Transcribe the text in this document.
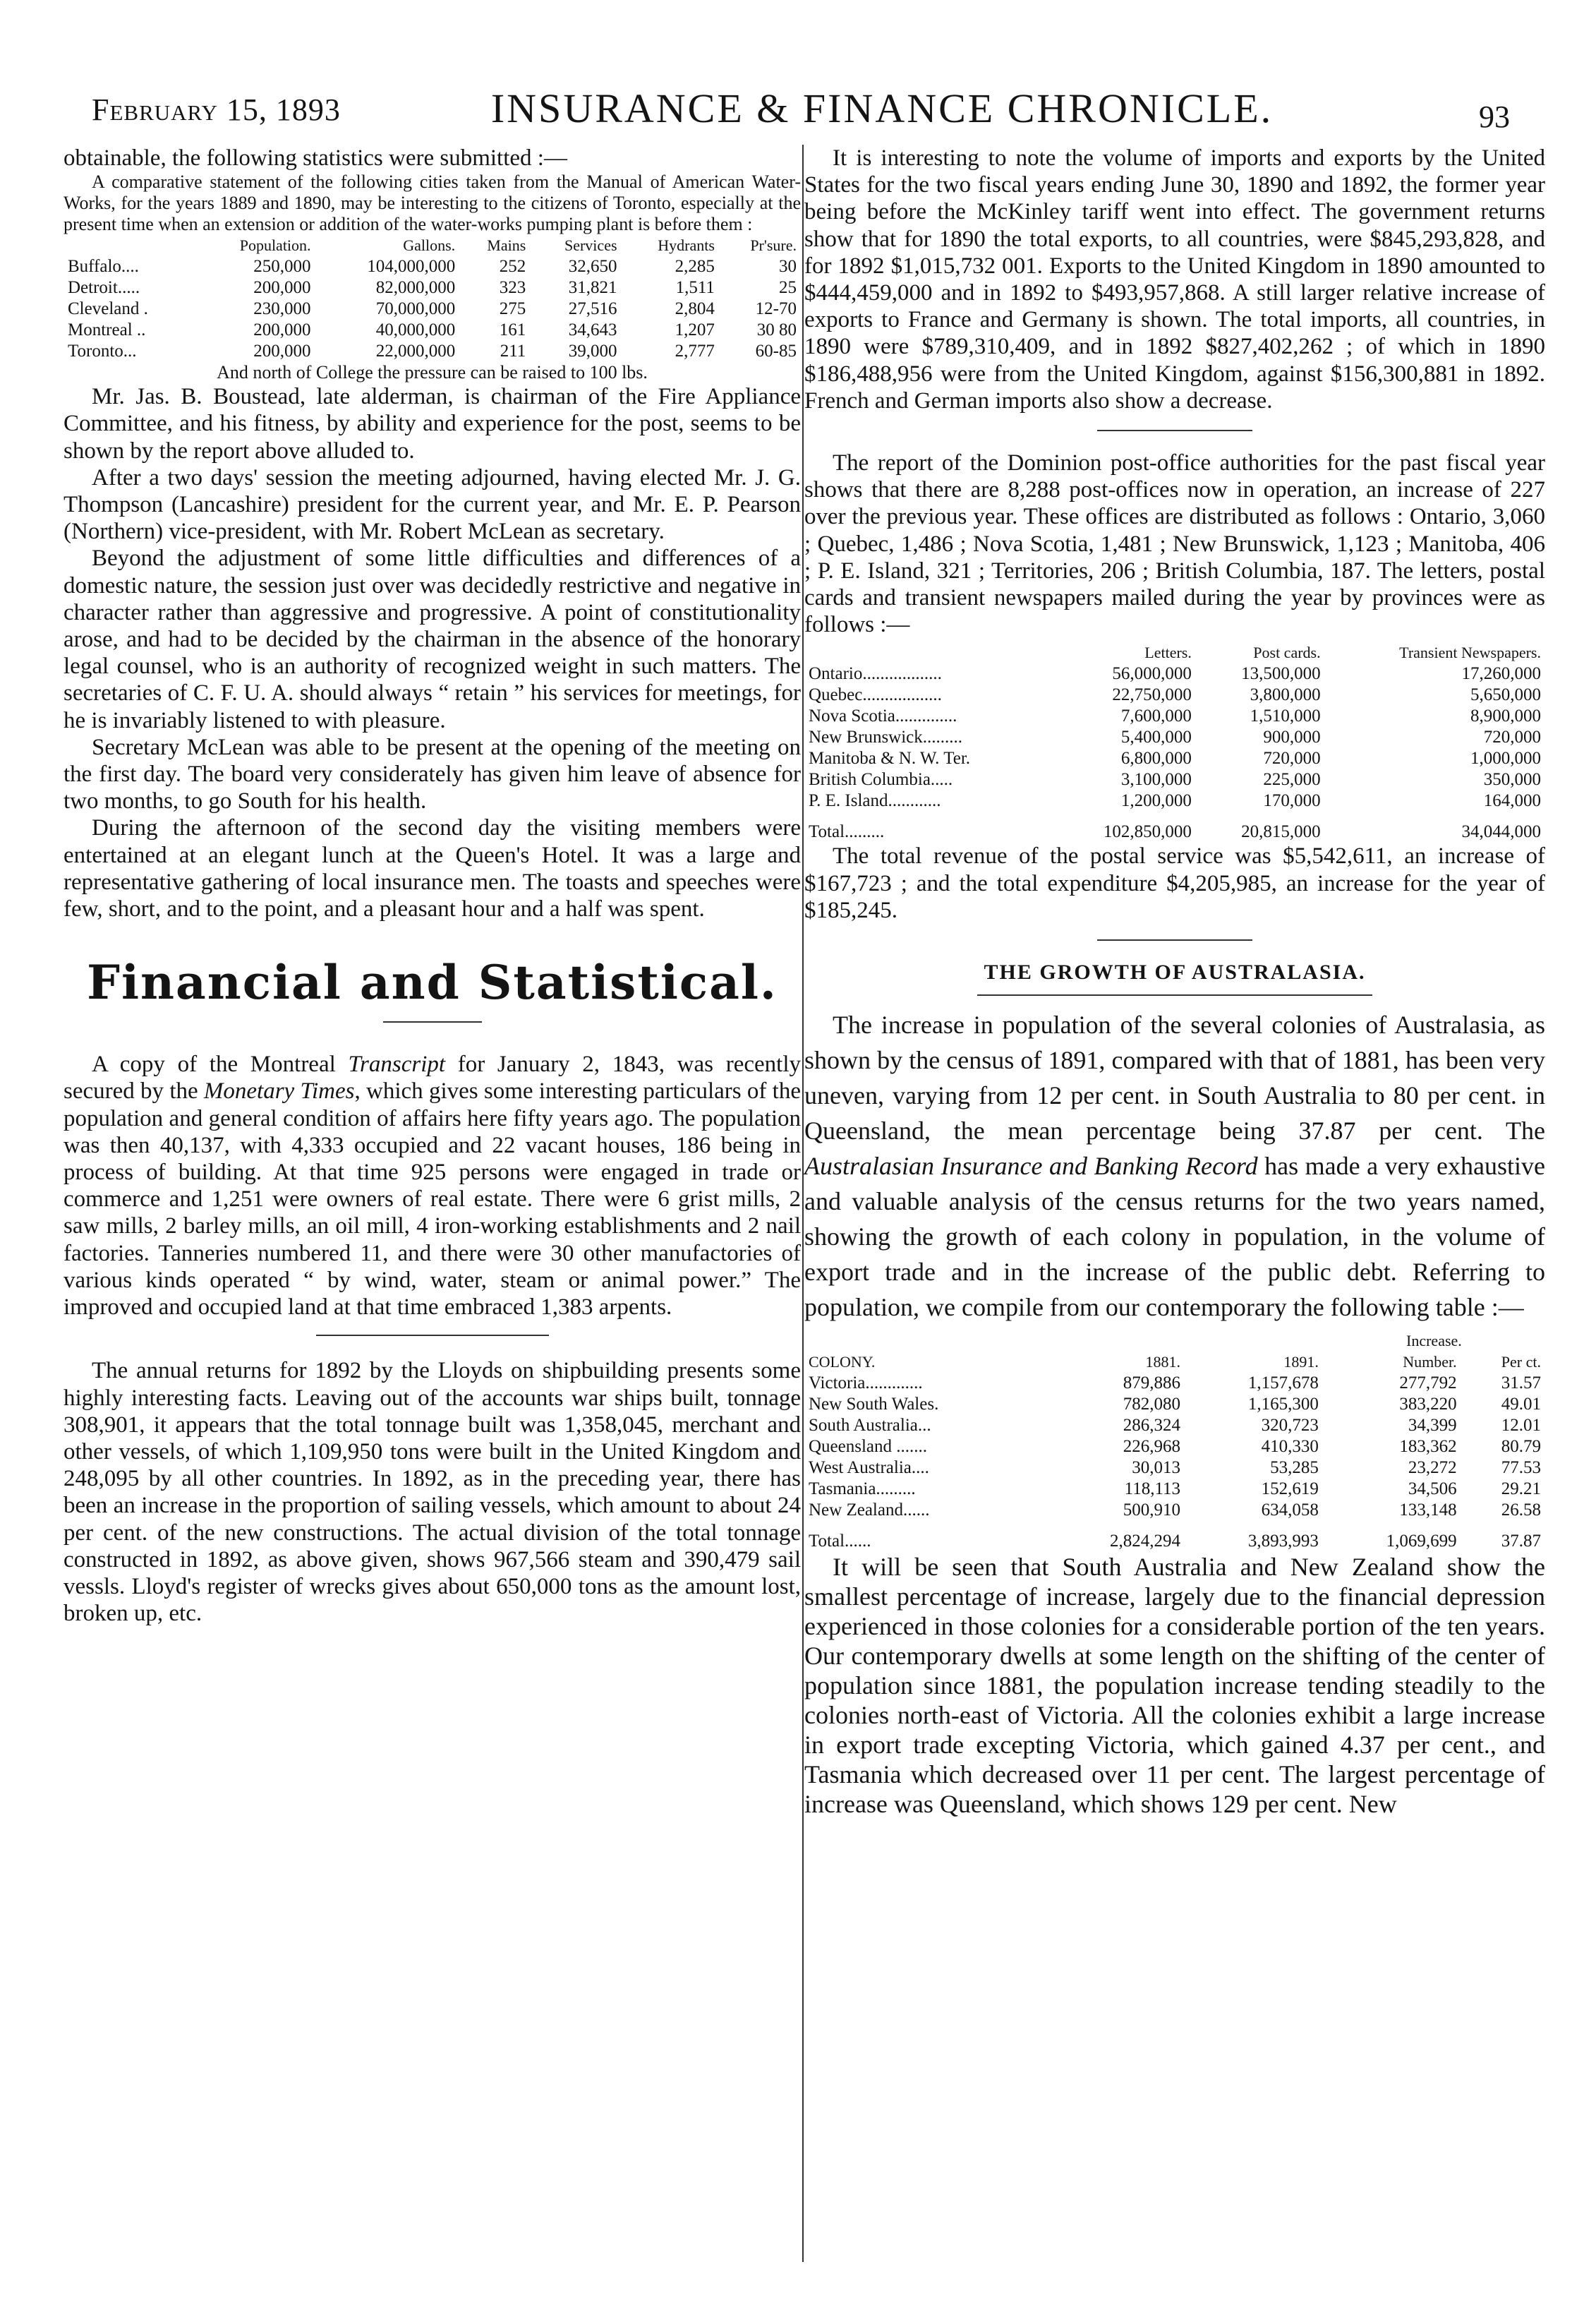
February 15, 1893	INSURANCE & FINANCE CHRONICLE.	93

obtainable, the following statistics were submitted :—

A comparative statement of the following cities taken from the Manual of American Water-Works, for the years 1889 and 1890, may be interesting to the citizens of Toronto, especially at the present time when an extension or addition of the water-works pumping plant is before them :

	Population.	Gallons.	Mains	Services	Hydrants	Pr'sure.
Buffalo....	250,000	104,000,000	252	32,650	2,285	30
Detroit.....	200,000	82,000,000	323	31,821	1,511	25
Cleveland .	230,000	70,000,000	275	27,516	2,804	12-70
Montreal ..	200,000	40,000,000	161	34,643	1,207	30 80
Toronto...	200,000	22,000,000	211	39,000	2,777	60-85

And north of College the pressure can be raised to 100 lbs.

Mr. Jas. B. Boustead, late alderman, is chairman of the Fire Appliance Committee, and his fitness, by ability and experience for the post, seems to be shown by the report above alluded to.

After a two days' session the meeting adjourned, having elected Mr. J. G. Thompson (Lancashire) president for the current year, and Mr. E. P. Pearson (Northern) vice-president, with Mr. Robert McLean as secretary.

Beyond the adjustment of some little difficulties and differences of a domestic nature, the session just over was decidedly restrictive and negative in character rather than aggressive and progressive. A point of constitutionality arose, and had to be decided by the chairman in the absence of the honorary legal counsel, who is an authority of recognized weight in such matters. The secretaries of C. F. U. A. should always “ retain ” his services for meetings, for he is invariably listened to with pleasure.

Secretary McLean was able to be present at the opening of the meeting on the first day. The board very considerately has given him leave of absence for two months, to go South for his health.

During the afternoon of the second day the visiting members were entertained at an elegant lunch at the Queen's Hotel. It was a large and representative gathering of local insurance men. The toasts and speeches were few, short, and to the point, and a pleasant hour and a half was spent.

Financial and Statistical.

A copy of the Montreal Transcript for January 2, 1843, was recently secured by the Monetary Times, which gives some interesting particulars of the population and general condition of affairs here fifty years ago. The population was then 40,137, with 4,333 occupied and 22 vacant houses, 186 being in process of building. At that time 925 persons were engaged in trade or commerce and 1,251 were owners of real estate. There were 6 grist mills, 2 saw mills, 2 barley mills, an oil mill, 4 iron-working establishments and 2 nail factories. Tanneries numbered 11, and there were 30 other manufactories of various kinds operated “ by wind, water, steam or animal power.” The improved and occupied land at that time embraced 1,383 arpents.

The annual returns for 1892 by the Lloyds on shipbuilding presents some highly interesting facts. Leaving out of the accounts war ships built, tonnage 308,901, it appears that the total tonnage built was 1,358,045, merchant and other vessels, of which 1,109,950 tons were built in the United Kingdom and 248,095 by all other countries. In 1892, as in the preceding year, there has been an increase in the proportion of sailing vessels, which amount to about 24 per cent. of the new constructions. The actual division of the total tonnage constructed in 1892, as above given, shows 967,566 steam and 390,479 sail vessls. Lloyd's register of wrecks gives about 650,000 tons as the amount lost, broken up, etc.

It is interesting to note the volume of imports and exports by the United States for the two fiscal years ending June 30, 1890 and 1892, the former year being before the McKinley tariff went into effect. The government returns show that for 1890 the total exports, to all countries, were $845,293,828, and for 1892 $1,015,732 001. Exports to the United Kingdom in 1890 amounted to $444,459,000 and in 1892 to $493,957,868. A still larger relative increase of exports to France and Germany is shown. The total imports, all countries, in 1890 were $789,310,409, and in 1892 $827,402,262 ; of which in 1890 $186,488,956 were from the United Kingdom, against $156,300,881 in 1892. French and German imports also show a decrease.

The report of the Dominion post-office authorities for the past fiscal year shows that there are 8,288 post-offices now in operation, an increase of 227 over the previous year. These offices are distributed as follows : Ontario, 3,060 ; Quebec, 1,486 ; Nova Scotia, 1,481 ; New Brunswick, 1,123 ; Manitoba, 406 ; P. E. Island, 321 ; Territories, 206 ; British Columbia, 187. The letters, postal cards and transient newspapers mailed during the year by provinces were as follows :—

	Letters.	Post cards.	Transient Newspapers.
Ontario..................	56,000,000	13,500,000	17,260,000
Quebec..................	22,750,000	3,800,000	5,650,000
Nova Scotia..............	7,600,000	1,510,000	8,900,000
New Brunswick.........	5,400,000	900,000	720,000
Manitoba & N. W. Ter.	6,800,000	720,000	1,000,000
British Columbia.....	3,100,000	225,000	350,000
P. E. Island............	1,200,000	170,000	164,000
Total.........	102,850,000	20,815,000	34,044,000

The total revenue of the postal service was $5,542,611, an increase of $167,723 ; and the total expenditure $4,205,985, an increase for the year of $185,245.

THE GROWTH OF AUSTRALASIA.

The increase in population of the several colonies of Australasia, as shown by the census of 1891, compared with that of 1881, has been very uneven, varying from 12 per cent. in South Australia to 80 per cent. in Queensland, the mean percentage being 37.87 per cent. The Australasian Insurance and Banking Record has made a very exhaustive and valuable analysis of the census returns for the two years named, showing the growth of each colony in population, in the volume of export trade and in the increase of the public debt. Referring to population, we compile from our contemporary the following table :—

			Increase.	
COLONY.	1881.	1891.	Number.	Per ct.
Victoria.............	879,886	1,157,678	277,792	31.57
New South Wales.	782,080	1,165,300	383,220	49.01
South Australia...	286,324	320,723	34,399	12.01
Queensland .......	226,968	410,330	183,362	80.79
West Australia....	30,013	53,285	23,272	77.53
Tasmania.........	118,113	152,619	34,506	29.21
New Zealand......	500,910	634,058	133,148	26.58
Total......	2,824,294	3,893,993	1,069,699	37.87

It will be seen that South Australia and New Zealand show the smallest percentage of increase, largely due to the financial depression experienced in those colonies for a considerable portion of the ten years. Our contemporary dwells at some length on the shifting of the center of population since 1881, the population increase tending steadily to the colonies north-east of Victoria. All the colonies exhibit a large increase in export trade excepting Victoria, which gained 4.37 per cent., and Tasmania which decreased over 11 per cent. The largest percentage of increase was Queensland, which shows 129 per cent. New
